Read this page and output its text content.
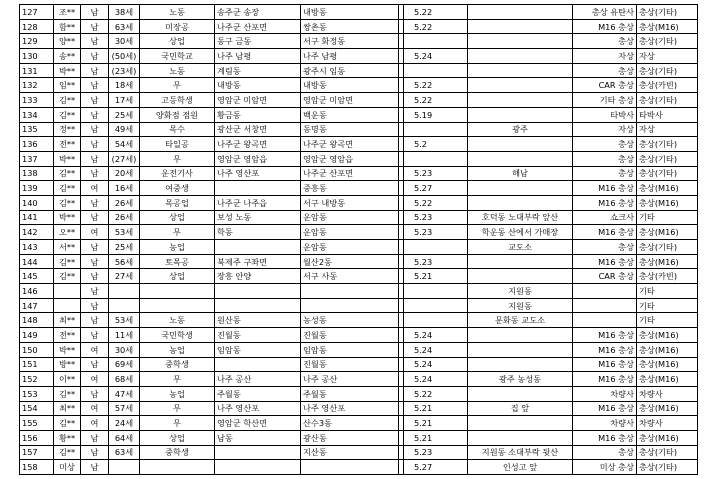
127	조**	남	38세	노동	송주군 송장	내방동		5.22		총상 유탄사	총상(기타)
128	함**	남	63세	미장공	나주군 산포면	쌍촌동		5.22		M16 총상	총상(M16)
129	양**	남	30세	상업	동구 금동	서구 화정동				총상	총상(기타)
130	송**	남	(50세)	국민학교	나주 남평	나주 남평		5.24		자상	자상
131	박**	남	(23세)	노동	계림동	광주시 임동				총상	총상(기타)
132	임**	남	18세	무	내방동	내방동		5.22		CAR 총상	총상(카빈)
133	김**	남	17세	고등학생	영암군 미암면	영암군 미암면		5.22		기타 총상	총상(기타)
134	김**	남	25세	양화점 점원	황금동	백운동		5.19		타박사	타박사
135	정**	남	49세	목수	광산군 서창면	동명동			광주	자상	자상
136	전**	남	54세	타일공	나주군 왕곡면	나주군 왕곡면		5.2		총상	총상(기타)
137	박**	남	(27세)	무	영암군 영암읍	영암군 영암읍				총상	총상(기타)
138	김**	남	20세	운전기사	나주 영산포	나주군 산포면		5.23	해남	총상	총상(기타)
139	김**	여	16세	여중생		중흥동		5.27		M16 총상	총상(M16)
140	김**	남	26세	목공업	나주군 나주읍	서구 내방동		5.22		M16 총상	총상(M16)
141	박**	남	26세	상업	보성 노동	운암동		5.23	호덕동 노대부락 앞산	쇼크사	기타
142	오**	여	53세	무	학동	운암동		5.23	학운동 산에서 가매장	M16 총상	총상(M16)
143	서**	남	25세	농업		운암동			교도소	총상	총상(기타)
144	김**	남	56세	토목공	북제주 구좌면	월산2동		5.23		M16 총상	총상(M16)
145	김**	남	27세	상업	장흥 안양	서구 사동		5.21		CAR 총상	총상(카빈)
146		남							지원동		기타
147		남							지원동		기타
148	최**	남	53세	노동	원산동	농성동			문화동 교도소		기타
149	전**	남	11세	국민학생	진월동	진월동		5.24		M16 총상	총상(M16)
150	박**	여	30세	농업	임암동	임암동		5.24		M16 총상	총상(M16)
151	방**	남	69세	중학생		진월동		5.24		M16 총상	총상(M16)
152	이**	여	68세	무	나주 공산	나주 공산		5.24	광주 농성동	M16 총상	총상(M16)
153	김**	남	47세	농업	주월동	주월동		5.22		차량사	차량사
154	최**	여	57세	무	나주 영산포	나주 영산포		5.21	집 앞	M16 총상	총상(M16)
155	김**	여	24세	무	영암군 학산면	산수3동		5.21		차량사	차량사
156	황**	남	64세	상업	남동	광산동		5.21		M16 총상	총상(M16)
157	김**	남	63세	중학생		지산동		5.23	지원동 소대부락 뒷산	총상	총상(기타)
158	미상	남						5.27	인성고 앞	미상 총상	총상(기타)
